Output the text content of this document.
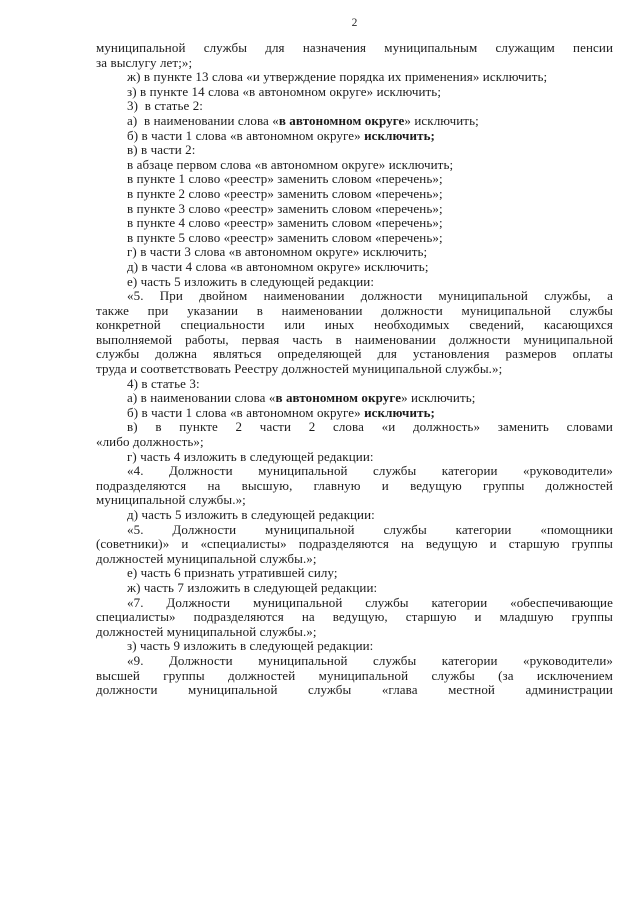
2
муниципальной службы для назначения муниципальным служащим пенсии
за выслугу лет;»;
ж) в пункте 13 слова «и утверждение порядка их применения» исключить;
з) в пункте 14 слова «в автономном округе» исключить;
3)  в статье 2:
а)  в наименовании слова «в автономном округе» исключить;
б) в части 1 слова «в автономном округе» исключить;
в) в части 2:
в абзаце первом слова «в автономном округе» исключить;
в пункте 1 слово «реестр» заменить словом «перечень»;
в пункте 2 слово «реестр» заменить словом «перечень»;
в пункте 3 слово «реестр» заменить словом «перечень»;
в пункте 4 слово «реестр» заменить словом «перечень»;
в пункте 5 слово «реестр» заменить словом «перечень»;
г) в части 3 слова «в автономном округе» исключить;
д) в части 4 слова «в автономном округе» исключить;
е) часть 5 изложить в следующей редакции:
«5. При двойном наименовании должности муниципальной службы, а
также при указании в наименовании должности муниципальной службы
конкретной специальности или иных необходимых сведений, касающихся
выполняемой работы, первая часть в наименовании должности муниципальной
службы должна являться определяющей для установления размеров оплаты
труда и соответствовать Реестру должностей муниципальной службы.»;
4) в статье 3:
а) в наименовании слова «в автономном округе» исключить;
б) в части 1 слова «в автономном округе» исключить;
в) в пункте 2 части 2 слова «и должность» заменить словами
«либо должность»;
г) часть 4 изложить в следующей редакции:
«4. Должности муниципальной службы категории «руководители»
подразделяются на высшую, главную и ведущую группы должностей
муниципальной службы.»;
д) часть 5 изложить в следующей редакции:
«5. Должности муниципальной службы категории «помощники
(советники)» и «специалисты» подразделяются на ведущую и старшую группы
должностей муниципальной службы.»;
е) часть 6 признать утратившей силу;
ж) часть 7 изложить в следующей редакции:
«7. Должности муниципальной службы категории «обеспечивающие
специалисты» подразделяются на ведущую, старшую и младшую группы
должностей муниципальной службы.»;
з) часть 9 изложить в следующей редакции:
«9. Должности муниципальной службы категории «руководители»
высшей группы должностей муниципальной службы (за исключением
должности муниципальной службы «глава местной администрации
